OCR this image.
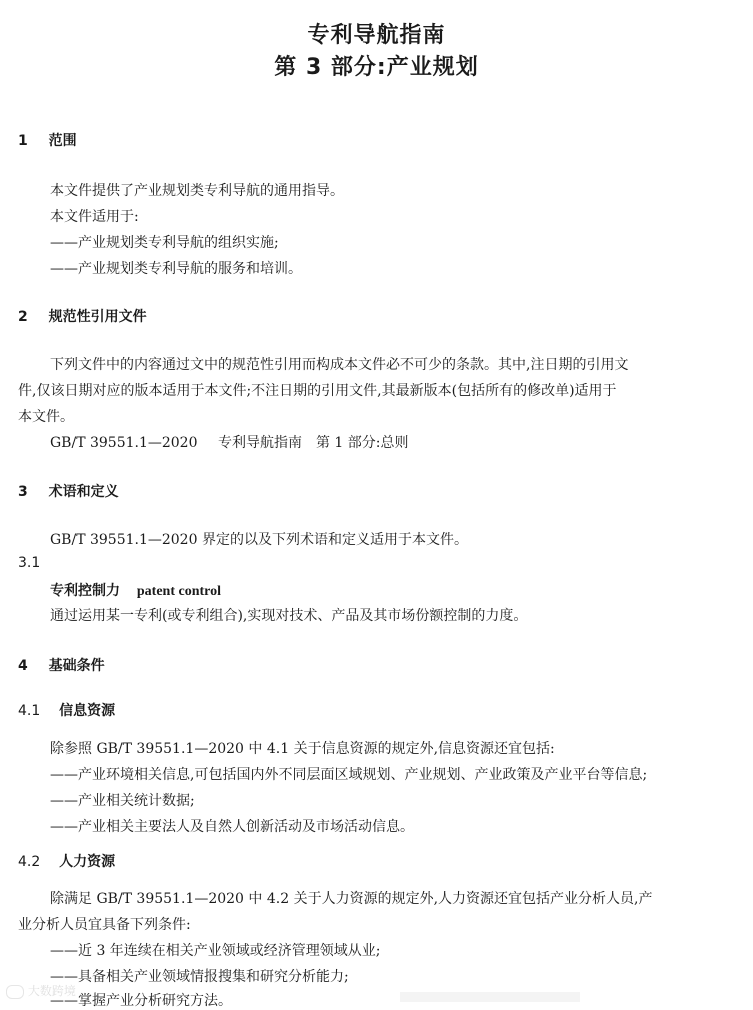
专利导航指南
第 3 部分:产业规划
1 范围
本文件提供了产业规划类专利导航的通用指导。
本文件适用于:
——产业规划类专利导航的组织实施;
——产业规划类专利导航的服务和培训。
2 规范性引用文件
下列文件中的内容通过文中的规范性引用而构成本文件必不可少的条款。其中,注日期的引用文
件,仅该日期对应的版本适用于本文件;不注日期的引用文件,其最新版本(包括所有的修改单)适用于
本文件。
GB/T 39551.1—2020 专利导航指南　第 1 部分:总则
3 术语和定义
GB/T 39551.1—2020 界定的以及下列术语和定义适用于本文件。
3.1
专利控制力 patent control
通过运用某一专利(或专利组合),实现对技术、产品及其市场份额控制的力度。
4 基础条件
4.1 信息资源
除参照 GB/T 39551.1—2020 中 4.1 关于信息资源的规定外,信息资源还宜包括:
——产业环境相关信息,可包括国内外不同层面区域规划、产业规划、产业政策及产业平台等信息;
——产业相关统计数据;
——产业相关主要法人及自然人创新活动及市场活动信息。
4.2 人力资源
除满足 GB/T 39551.1—2020 中 4.2 关于人力资源的规定外,人力资源还宜包括产业分析人员,产
业分析人员宜具备下列条件:
——近 3 年连续在相关产业领域或经济管理领域从业;
——具备相关产业领域情报搜集和研究分析能力;
——掌握产业分析研究方法。
大数跨境
